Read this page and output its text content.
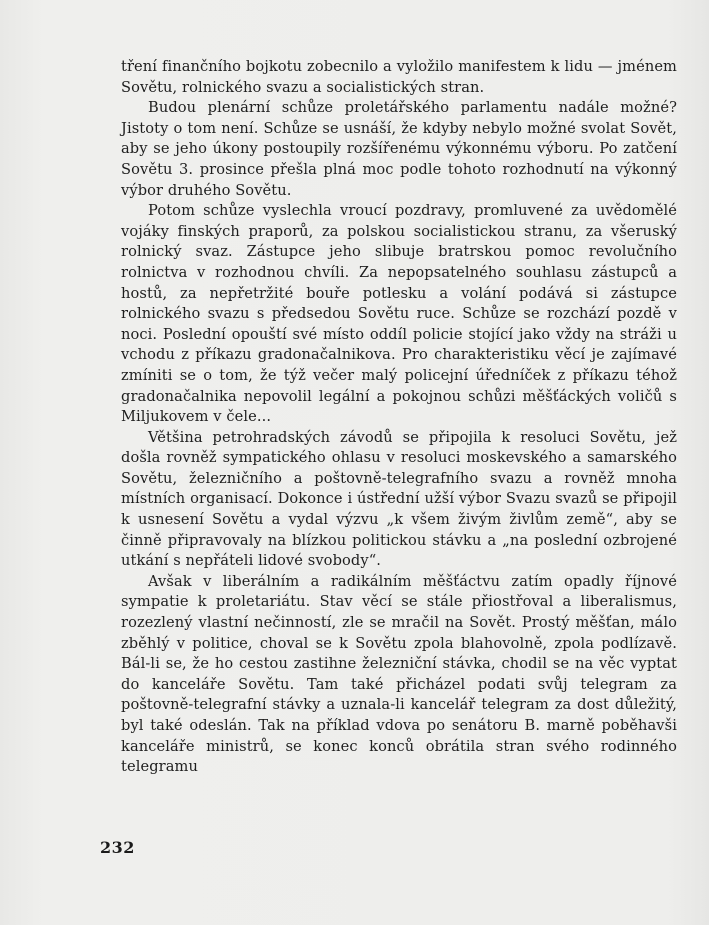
tření finančního bojkotu zobecnilo a vyložilo manifestem k lidu — jménem Sovětu, rolnického svazu a socialistických stran.

Budou plenární schůze proletářského parlamentu nadále možné? Jistoty o tom není. Schůze se usnáší, že kdyby nebylo možné svolat Sovět, aby se jeho úkony postoupily rozšířenému výkonnému výboru. Po zatčení Sovětu 3. prosince přešla plná moc podle tohoto rozhodnutí na výkonný výbor druhého Sovětu.

Potom schůze vyslechla vroucí pozdravy, promluvené za uvědomělé vojáky finských praporů, za polskou socialistickou stranu, za všeruský rolnický svaz. Zástupce jeho slibuje bratrskou pomoc revolučního rolnictva v rozhodnou chvíli. Za nepopsatelného souhlasu zástupců a hostů, za nepřetržité bouře potlesku a volání podává si zástupce rolnického svazu s předsedou Sovětu ruce. Schůze se rozchází pozdě v noci. Poslední opouští své místo oddíl policie stojící jako vždy na stráži u vchodu z příkazu gradonačalnikova. Pro charakteristiku věcí je zajímavé zmíniti se o tom, že týž večer malý policejní úředníček z příkazu téhož gradonačalnika nepovolil legální a pokojnou schůzi měšťáckých voličů s Miljukovem v čele...

Většina petrohradských závodů se připojila k resoluci Sovětu, jež došla rovněž sympatického ohlasu v resoluci moskevského a samarského Sovětu, železničního a poštovně-telegrafního svazu a rovněž mnoha místních organisací. Dokonce i ústřední užší výbor Svazu svazů se připojil k usnesení Sovětu a vydal výzvu „k všem živým živlům země“, aby se činně připravovaly na blízkou politickou stávku a „na poslední ozbrojené utkání s nepřáteli lidové svobody“.

Avšak v liberálním a radikálním měšťáctvu zatím opadly říjnové sympatie k proletariátu. Stav věcí se stále přiostřoval a liberalismus, rozezlený vlastní nečinností, zle se mračil na Sovět. Prostý měšťan, málo zběhlý v politice, choval se k Sovětu zpola blahovolně, zpola podlízavě. Bál-li se, že ho cestou zastihne železniční stávka, chodil se na věc vyptat do kanceláře Sovětu. Tam také přicházel podati svůj telegram za poštovně-telegrafní stávky a uznala-li kancelář telegram za dost důležitý, byl také odeslán. Tak na příklad vdova po senátoru B. marně poběhavši kanceláře ministrů, se konec konců obrátila stran svého rodinného telegramu

232
